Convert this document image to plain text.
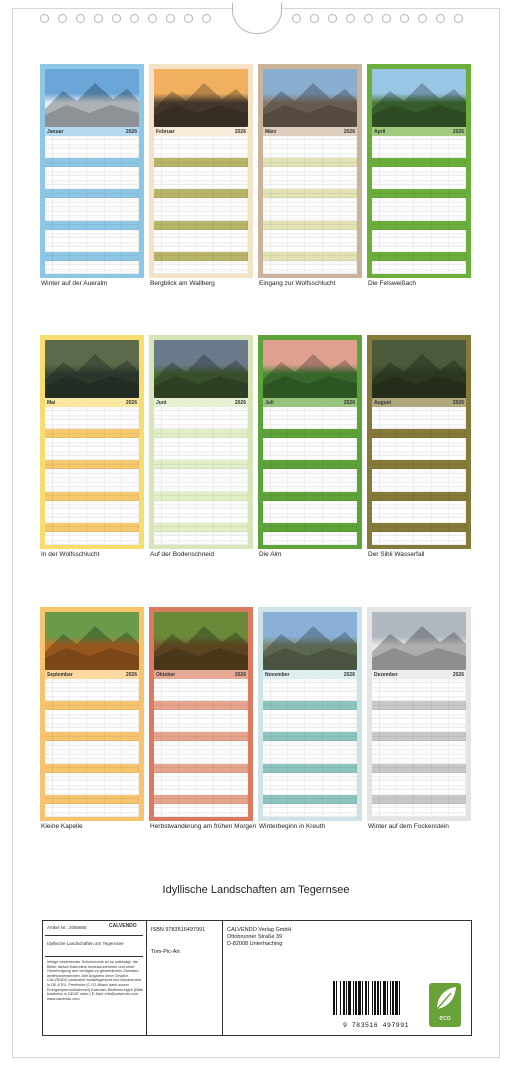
Januar	2026
Winter auf der Aueralm
Februar	2026
Bergblick am Wallberg
März	2026
Eingang zur Wolfsschlucht
April	2026
Die Felsweißach
Mai	2026
In der Wolfsschlucht
Juni	2026
Auf der Bodenschneid
Juli	2026
Die Alm
August	2026
Der Sibli Wasserfall
September	2026
Kleine Kapelle
Oktober	2026
Herbstwanderung am frühen Morgen
November	2026
Winterbeginn in Kreuth
Dezember	2026
Winter auf dem Fockenstein
Idyllische Landschaften am Tegernsee
Artikel Nr.: 2066865	CALVENDO
Idyllische Landschaften am Tegernsee
Infolge bestehender Schutzrechte ist es untersagt, die Bilder dieses Kalenders herauszunehmen und ohne Genehmigung des Verlages zu gewerblichen Zwecken weiterzuverwenden. Alle Angaben ohne Gewähr. CALVENDO produziert bedarfsgerecht und klimaneutral in DE & EU. Preshwire (C O2-Bilanz dank sucrer. Energiesparmaßnahmen) Kalender-Bestimmungen (Bitte kostenlos in DE/AT unter.) E-Mail: info@calvendo.com · www.calvendo.com
ISBN 9783516497991
Tom-Pic-Art
CALVENDO Verlag GmbH
Ottobrunner Straße 39
D-82008 Unterhaching
9 783516 497991
eco
